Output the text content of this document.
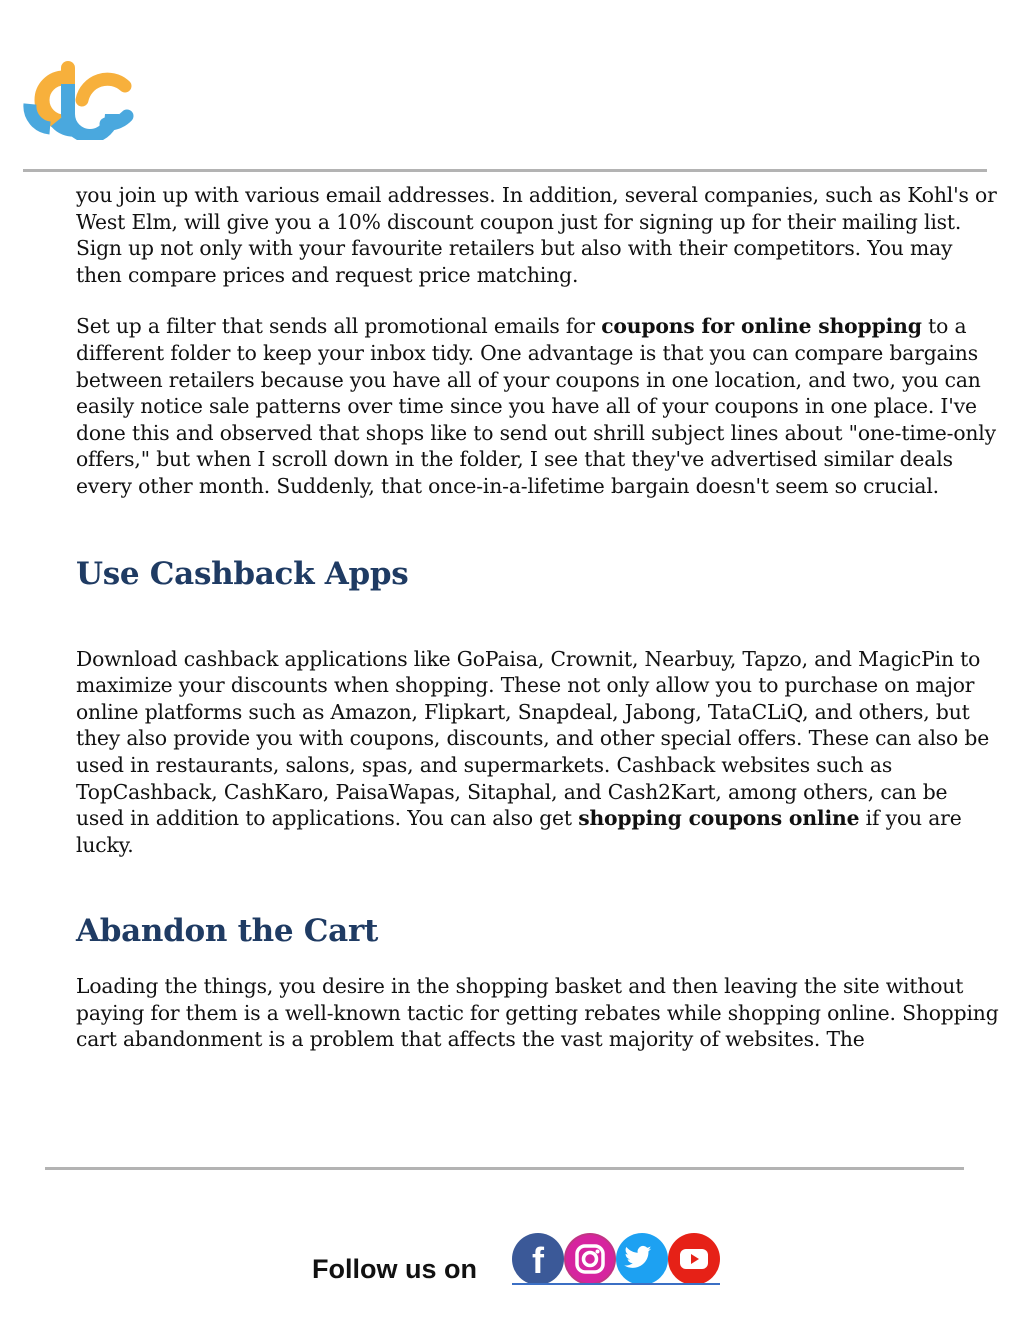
you join up with various email addresses. In addition, several companies, such as Kohl's or West Elm, will give you a 10% discount coupon just for signing up for their mailing list. Sign up not only with your favourite retailers but also with their competitors. You may then compare prices and request price matching.

Set up a filter that sends all promotional emails for coupons for online shopping to a different folder to keep your inbox tidy. One advantage is that you can compare bargains between retailers because you have all of your coupons in one location, and two, you can easily notice sale patterns over time since you have all of your coupons in one place. I've done this and observed that shops like to send out shrill subject lines about "one-time-only offers," but when I scroll down in the folder, I see that they've advertised similar deals every other month. Suddenly, that once-in-a-lifetime bargain doesn't seem so crucial.

Use Cashback Apps

Download cashback applications like GoPaisa, Crownit, Nearbuy, Tapzo, and MagicPin to maximize your discounts when shopping. These not only allow you to purchase on major online platforms such as Amazon, Flipkart, Snapdeal, Jabong, TataCLiQ, and others, but they also provide you with coupons, discounts, and other special offers. These can also be used in restaurants, salons, spas, and supermarkets. Cashback websites such as TopCashback, CashKaro, PaisaWapas, Sitaphal, and Cash2Kart, among others, can be used in addition to applications. You can also get shopping coupons online if you are lucky.

Abandon the Cart

Loading the things, you desire in the shopping basket and then leaving the site without paying for them is a well-known tactic for getting rebates while shopping online. Shopping cart abandonment is a problem that affects the vast majority of websites. The

Follow us on f
